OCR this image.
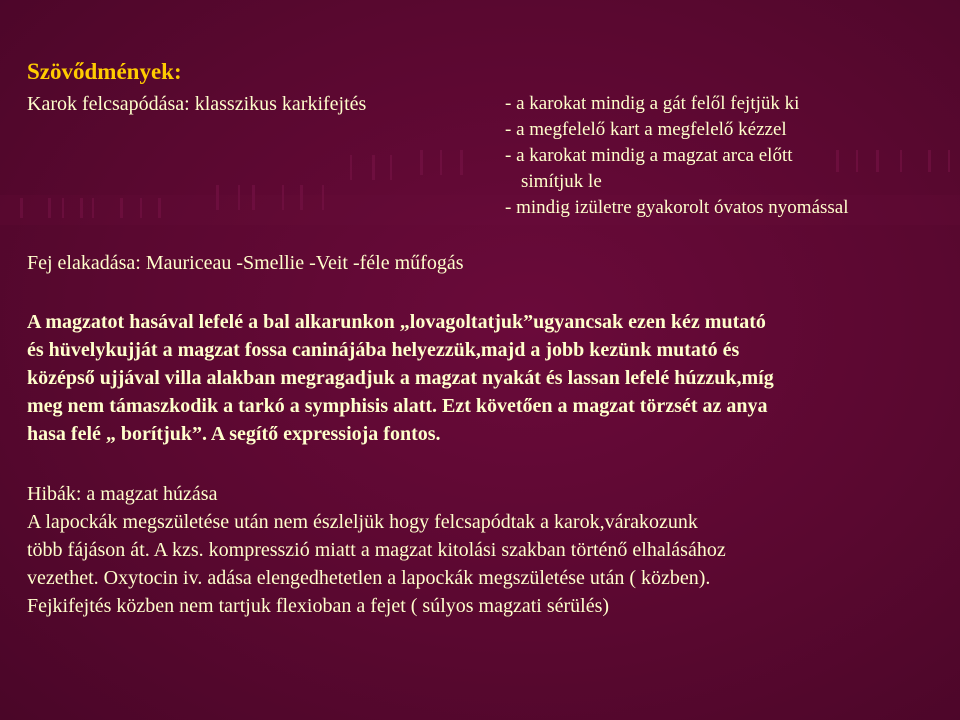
Szövődmények:
Karok felcsapódása: klasszikus karkifejtés	- a karokat mindig a gát felől fejtjük ki
- a megfelelő kart a megfelelő kézzel
- a karokat mindig a magzat arca előtt
simítjuk le
- mindig izületre gyakorolt óvatos nyomással
Fej elakadása: Mauriceau -Smellie -Veit -féle műfogás
A magzatot hasával lefelé a bal alkarunkon „lovagoltatjuk”ugyancsak ezen kéz mutató
és hüvelykujját a magzat fossa caninájába helyezzük,majd a jobb kezünk mutató és
középső ujjával villa alakban megragadjuk a magzat nyakát és lassan lefelé húzzuk,míg
meg nem támaszkodik a tarkó a symphisis alatt. Ezt követően a magzat törzsét az anya
hasa felé „ borítjuk”. A segítő expressioja fontos.
Hibák: a magzat húzása
A lapockák megszületése után nem észleljük hogy felcsapódtak a karok,várakozunk
több fájáson át. A kzs. kompresszió miatt a magzat kitolási szakban történő elhalásához
vezethet. Oxytocin iv. adása elengedhetetlen a lapockák megszületése után ( közben).
Fejkifejtés közben nem tartjuk flexioban a fejet ( súlyos magzati sérülés)
